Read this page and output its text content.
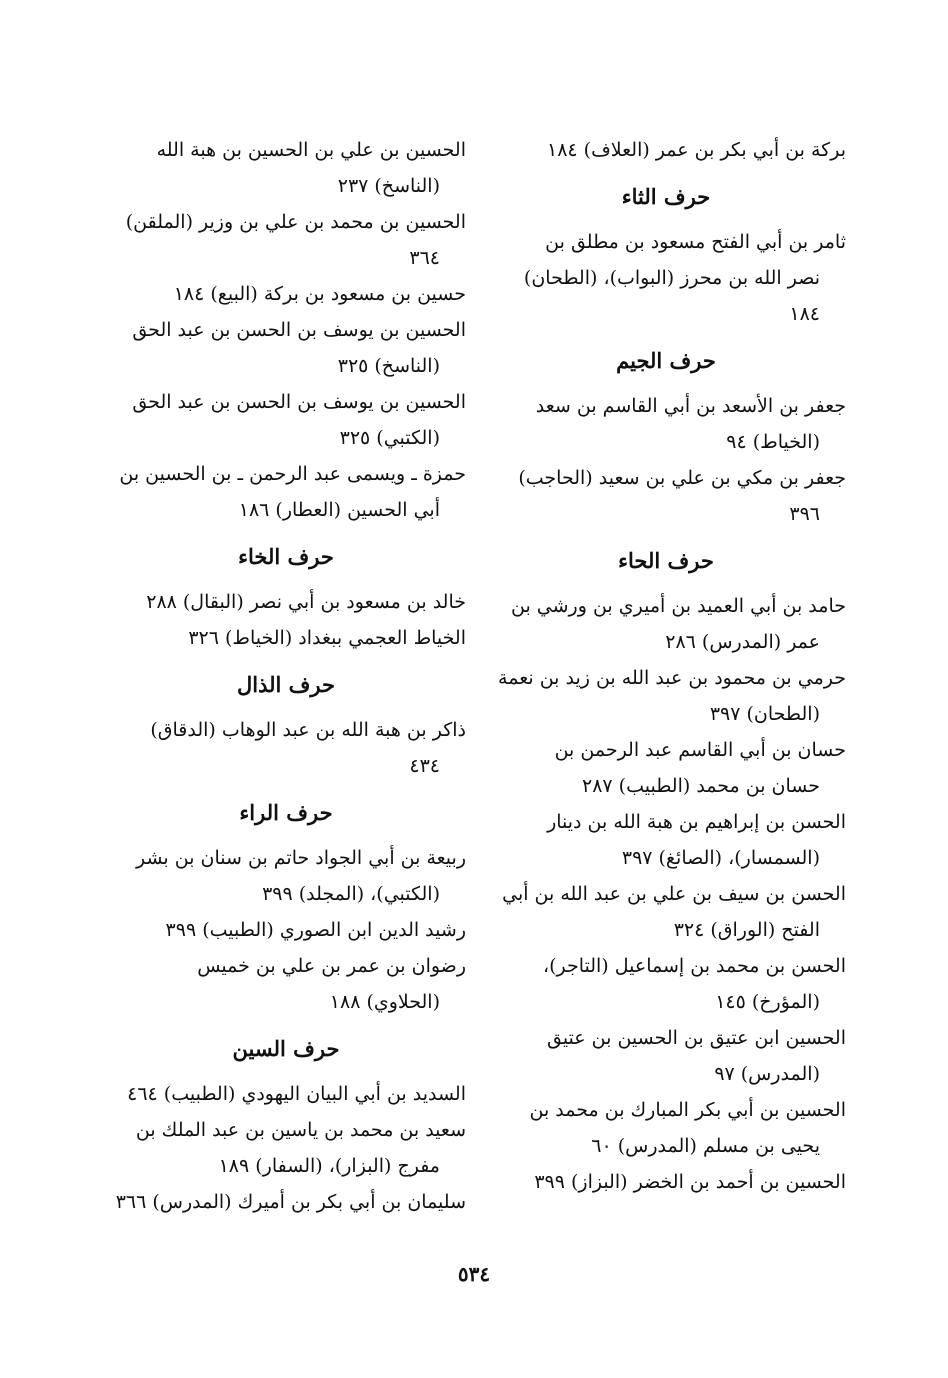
بركة بن أبي بكر بن عمر (العلاف) ١٨٤

حرف الثاء

ثامر بن أبي الفتح مسعود بن مطلق بن
نصر الله بن محرز (البواب)، (الطحان)
١٨٤

حرف الجيم

جعفر بن الأسعد بن أبي القاسم بن سعد
(الخياط) ٩٤

جعفر بن مكي بن علي بن سعيد (الحاجب)
٣٩٦

حرف الحاء

حامد بن أبي العميد بن أميري بن ورشي بن
عمر (المدرس) ٢٨٦

حرمي بن محمود بن عبد الله بن زيد بن نعمة
(الطحان) ٣٩٧

حسان بن أبي القاسم عبد الرحمن بن
حسان بن محمد (الطبيب) ٢٨٧

الحسن بن إبراهيم بن هبة الله بن دينار
(السمسار)، (الصائغ) ٣٩٧

الحسن بن سيف بن علي بن عبد الله بن أبي
الفتح (الوراق) ٣٢٤

الحسن بن محمد بن إسماعيل (التاجر)،
(المؤرخ) ١٤٥

الحسين ابن عتيق بن الحسين بن عتيق
(المدرس) ٩٧

الحسين بن أبي بكر المبارك بن محمد بن
يحيى بن مسلم (المدرس) ٦٠

الحسين بن أحمد بن الخضر (البزاز) ٣٩٩

الحسين بن علي بن الحسين بن هبة الله
(الناسخ) ٢٣٧

الحسين بن محمد بن علي بن وزير (الملقن)
٣٦٤

حسين بن مسعود بن بركة (البيع) ١٨٤

الحسين بن يوسف بن الحسن بن عبد الحق
(الناسخ) ٣٢٥

الحسين بن يوسف بن الحسن بن عبد الحق
(الكتبي) ٣٢٥

حمزة ـ ويسمى عبد الرحمن ـ بن الحسين بن
أبي الحسين (العطار) ١٨٦

حرف الخاء

خالد بن مسعود بن أبي نصر (البقال) ٢٨٨

الخياط العجمي ببغداد (الخياط) ٣٢٦

حرف الذال

ذاكر بن هبة الله بن عبد الوهاب (الدقاق)
٤٣٤

حرف الراء

ربيعة بن أبي الجواد حاتم بن سنان بن بشر
(الكتبي)، (المجلد) ٣٩٩

رشيد الدين ابن الصوري (الطبيب) ٣٩٩

رضوان بن عمر بن علي بن خميس
(الحلاوي) ١٨٨

حرف السين

السديد بن أبي البيان اليهودي (الطبيب) ٤٦٤

سعيد بن محمد بن ياسين بن عبد الملك بن
مفرج (البزار)، (السفار) ١٨٩

سليمان بن أبي بكر بن أميرك (المدرس) ٣٦٦

٥٣٤
